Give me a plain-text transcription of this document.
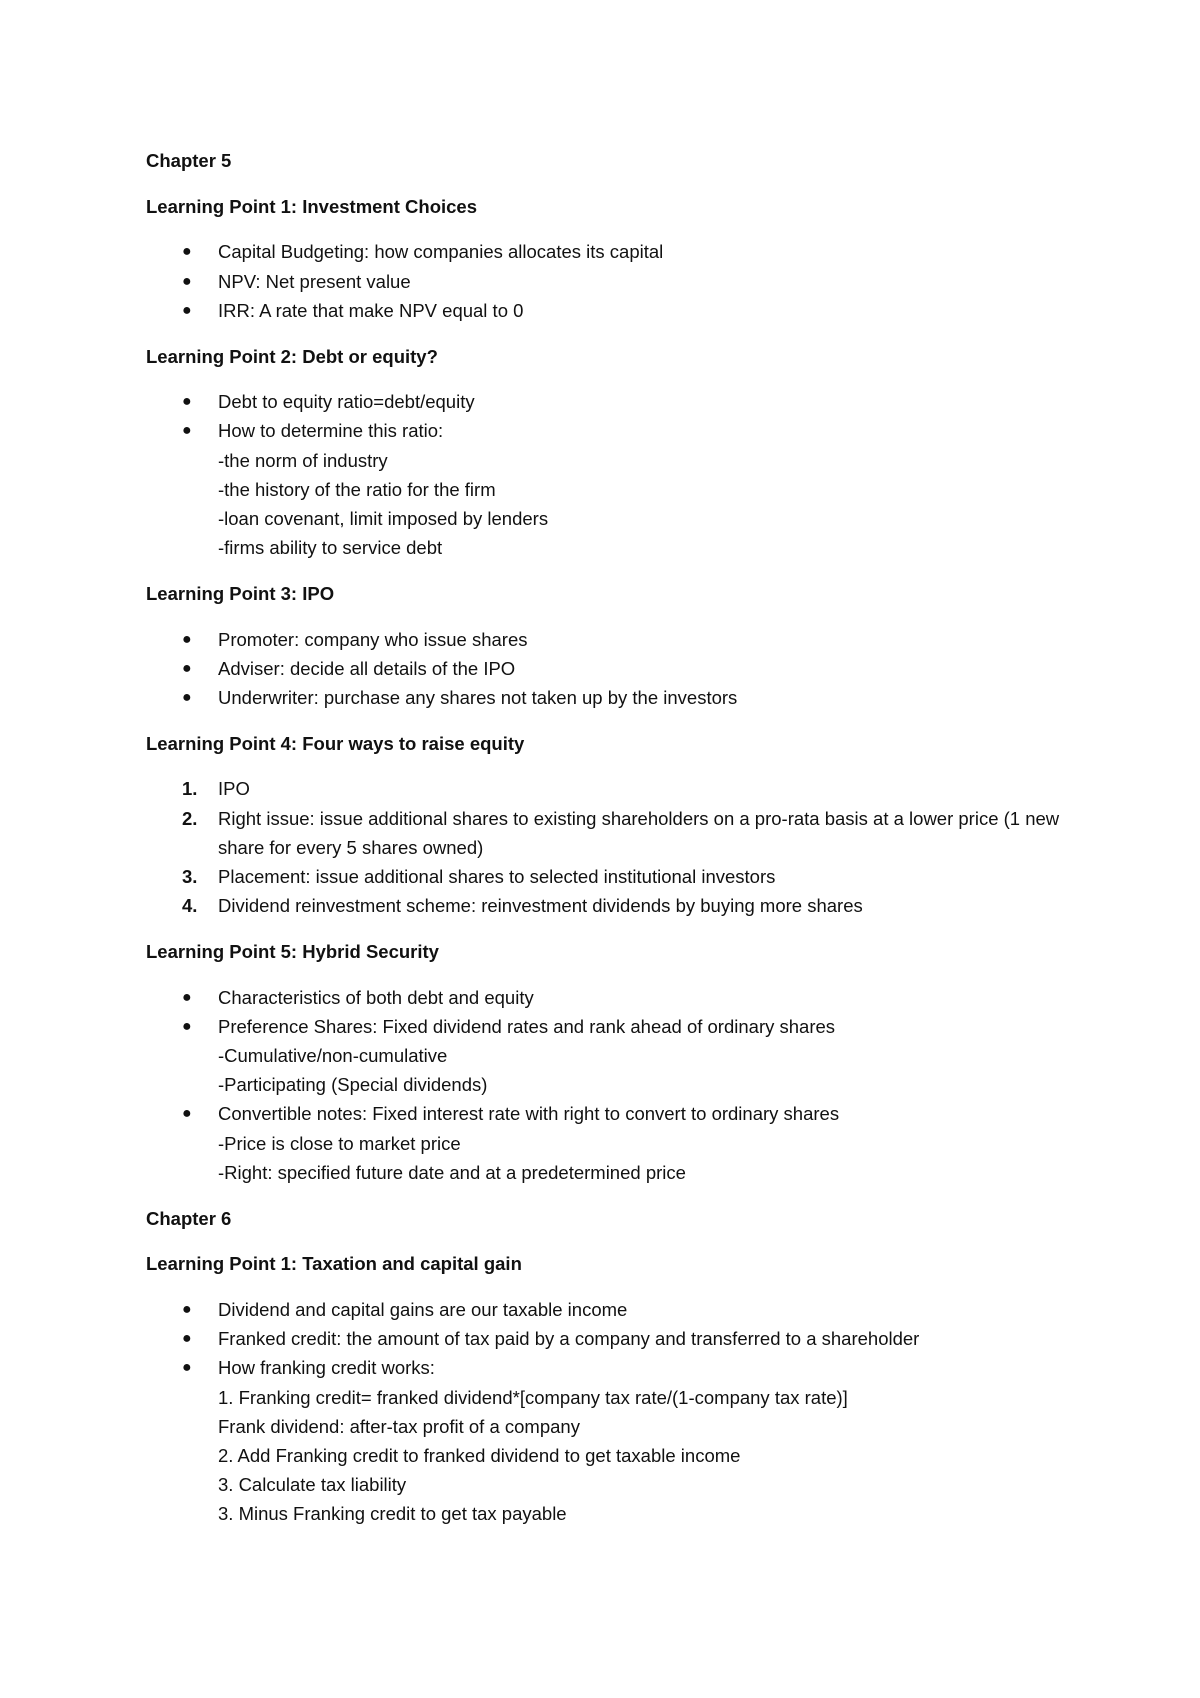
Chapter 5

Learning Point 1: Investment Choices

●	Capital Budgeting: how companies allocates its capital
●	NPV: Net present value
●	IRR: A rate that make NPV equal to 0

Learning Point 2: Debt or equity?

●	Debt to equity ratio=debt/equity
●	How to determine this ratio:
-the norm of industry
-the history of the ratio for the firm
-loan covenant, limit imposed by lenders
-firms ability to service debt

Learning Point 3: IPO

●	Promoter: company who issue shares
●	Adviser: decide all details of the IPO
●	Underwriter: purchase any shares not taken up by the investors

Learning Point 4: Four ways to raise equity

1.	IPO
2.	Right issue: issue additional shares to existing shareholders on a pro-rata basis at a lower price (1 new share for every 5 shares owned)
3.	Placement: issue additional shares to selected institutional investors
4.	Dividend reinvestment scheme: reinvestment dividends by buying more shares

Learning Point 5: Hybrid Security

●	Characteristics of both debt and equity
●	Preference Shares: Fixed dividend rates and rank ahead of ordinary shares
-Cumulative/non-cumulative
-Participating (Special dividends)
●	Convertible notes: Fixed interest rate with right to convert to ordinary shares
-Price is close to market price
-Right: specified future date and at a predetermined price

Chapter 6

Learning Point 1: Taxation and capital gain

●	Dividend and capital gains are our taxable income
●	Franked credit: the amount of tax paid by a company and transferred to a shareholder
●	How franking credit works:
1. Franking credit= franked dividend*[company tax rate/(1-company tax rate)]
Frank dividend: after-tax profit of a company
2. Add Franking credit to franked dividend to get taxable income
3. Calculate tax liability
3. Minus Franking credit to get tax payable
